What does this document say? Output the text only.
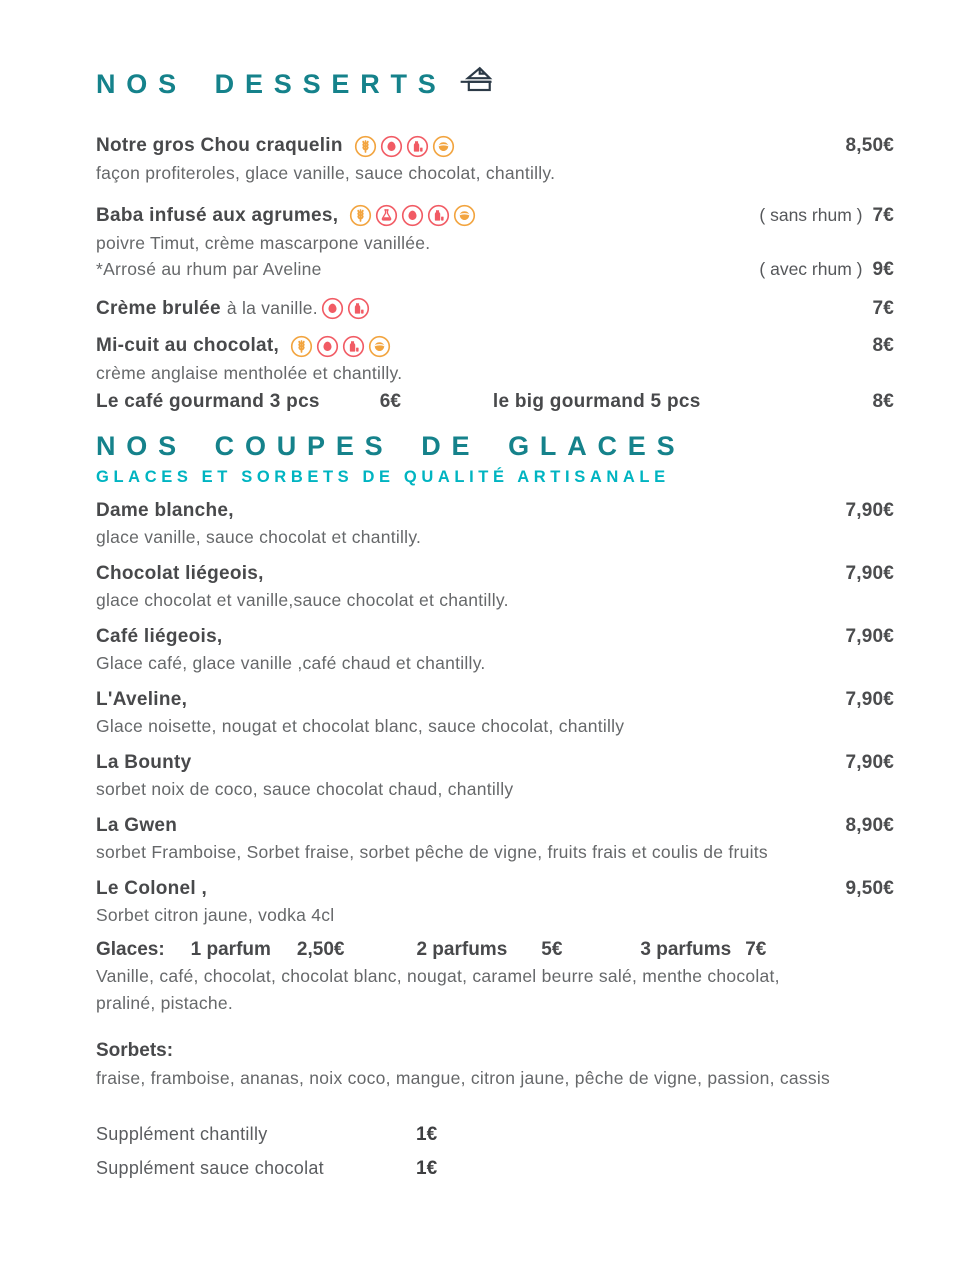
NOS DESSERTS
Notre gros Chou craquelin	8,50€
façon profiteroles, glace vanille, sauce chocolat, chantilly.
Baba infusé aux agrumes,	( sans rhum ) 7€
poivre Timut, crème mascarpone vanillée.
*Arrosé au rhum par Aveline	( avec rhum ) 9€
Crème brulée à la vanille.	7€
Mi-cuit au chocolat,	8€
crème anglaise mentholée et chantilly.
Le café gourmand 3 pcs	6€	le big gourmand 5 pcs	8€
NOS COUPES DE GLACES
GLACES ET SORBETS DE QUALITÉ ARTISANALE
Dame blanche,	7,90€
glace vanille, sauce chocolat et chantilly.
Chocolat liégeois,	7,90€
glace chocolat et vanille,sauce chocolat et chantilly.
Café liégeois,	7,90€
Glace café, glace vanille ,café chaud et chantilly.
L'Aveline,	7,90€
Glace noisette, nougat et chocolat blanc, sauce chocolat, chantilly
La Bounty	7,90€
sorbet noix de coco, sauce chocolat chaud, chantilly
La Gwen	8,90€
sorbet Framboise, Sorbet fraise, sorbet pêche de vigne, fruits frais et coulis de fruits
Le Colonel ,	9,50€
Sorbet citron jaune, vodka 4cl
Glaces: 1 parfum 2,50€	2 parfums 5€	3 parfums 7€
Vanille, café, chocolat, chocolat blanc, nougat, caramel beurre salé, menthe chocolat, praliné, pistache.
Sorbets:
fraise, framboise, ananas, noix coco, mangue, citron jaune, pêche de vigne, passion, cassis
Supplément chantilly	1€
Supplément sauce chocolat	1€
